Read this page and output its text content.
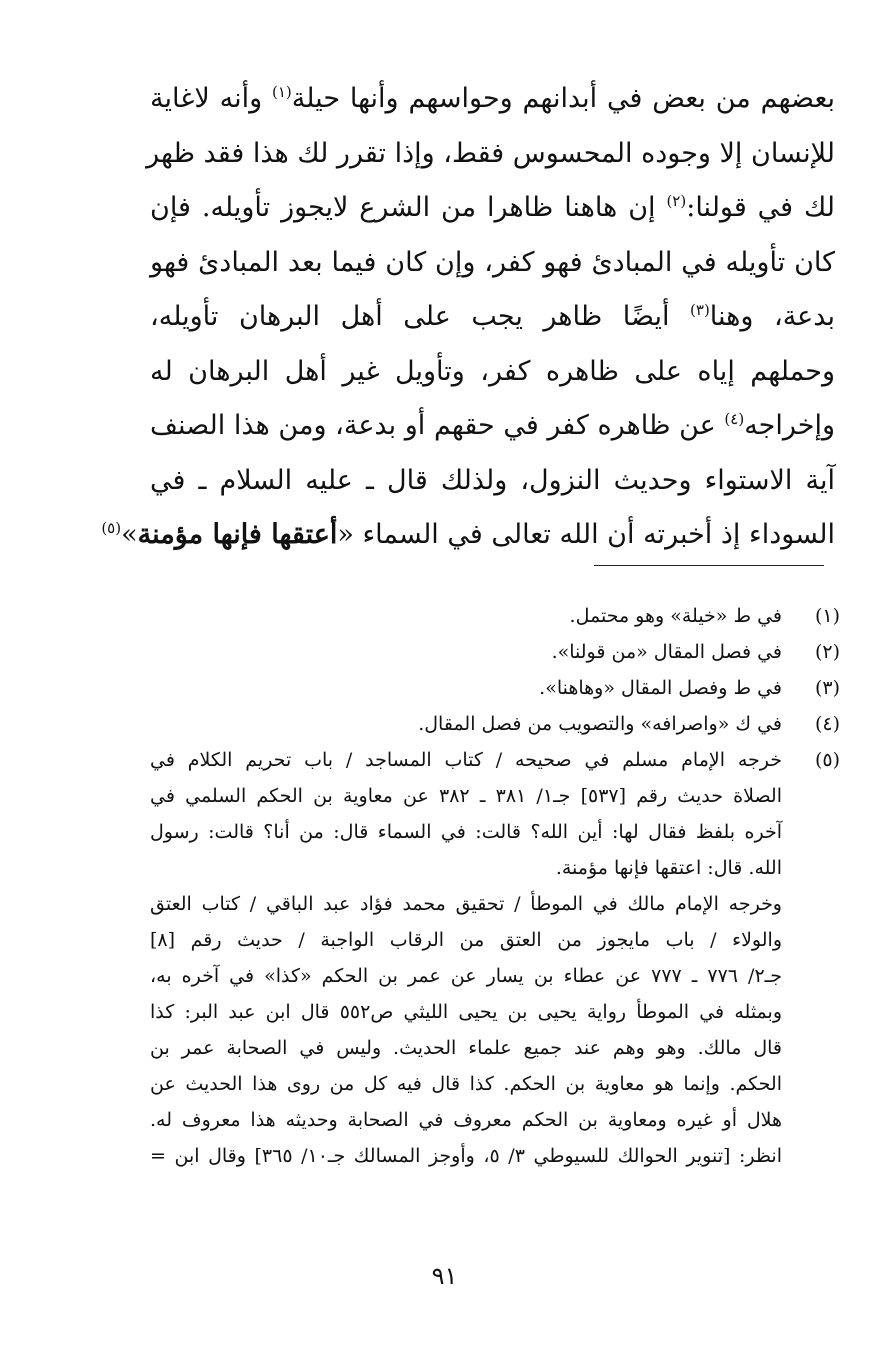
بعضهم من بعض في أبدانهم وحواسهم وأنها حيلة$^{(١)}$ وأنه لاغاية
للإنسان إلا وجوده المحسوس فقط، وإذا تقرر لك هذا فقد ظهر
لك في قولنا:$^{(٢)}$ إن هاهنا ظاهرا من الشرع لايجوز تأويله. فإن
كان تأويله في المبادئ فهو كفر، وإن كان فيما بعد المبادئ فهو
بدعة، وهنا$^{(٣)}$ أيضًا ظاهر يجب على أهل البرهان تأويله،
وحملهم إياه على ظاهره كفر، وتأويل غير أهل البرهان له
وإخراجه$^{(٤)}$ عن ظاهره كفر في حقهم أو بدعة، ومن هذا الصنف
آية الاستواء وحديث النزول، ولذلك قال ـ عليه السلام ـ في
السوداء إذ أخبرته أن الله تعالى في السماء «أعتقها فإنها مؤمنة»$^{(٥)}$
(١)
في ط «خيلة» وهو محتمل.
(٢)
في فصل المقال «من قولنا».
(٣)
في ط وفصل المقال «وهاهنا».
(٤)
في ك «واصرافه» والتصويب من فصل المقال.
(٥)
خرجه الإمام مسلم في صحيحه / كتاب المساجد / باب تحريم الكلام في
الصلاة حديث رقم [٥٣٧] جـ١/ ٣٨١ ـ ٣٨٢ عن معاوية بن الحكم السلمي في
آخره بلفظ فقال لها: أين الله؟ قالت: في السماء قال: من أنا؟ قالت: رسول
الله. قال: اعتقها فإنها مؤمنة.
وخرجه الإمام مالك في الموطأ / تحقيق محمد فؤاد عبد الباقي / كتاب العتق
والولاء / باب مايجوز من العتق من الرقاب الواجبة / حديث رقم [٨]
جـ٢/ ٧٧٦ ـ ٧٧٧ عن عطاء بن يسار عن عمر بن الحكم «كذا» في آخره به،
وبمثله في الموطأ رواية يحيى بن يحيى الليثي ص٥٥٢ قال ابن عبد البر: كذا
قال مالك. وهو وهم عند جميع علماء الحديث. وليس في الصحابة عمر بن
الحكم. وإنما هو معاوية بن الحكم. كذا قال فيه كل من روى هذا الحديث عن
هلال أو غيره ومعاوية بن الحكم معروف في الصحابة وحديثه هذا معروف له.
انظر: [تنوير الحوالك للسيوطي ٣/ ٥، وأوجز المسالك جـ١٠/ ٣٦٥] وقال ابن =
٩١
